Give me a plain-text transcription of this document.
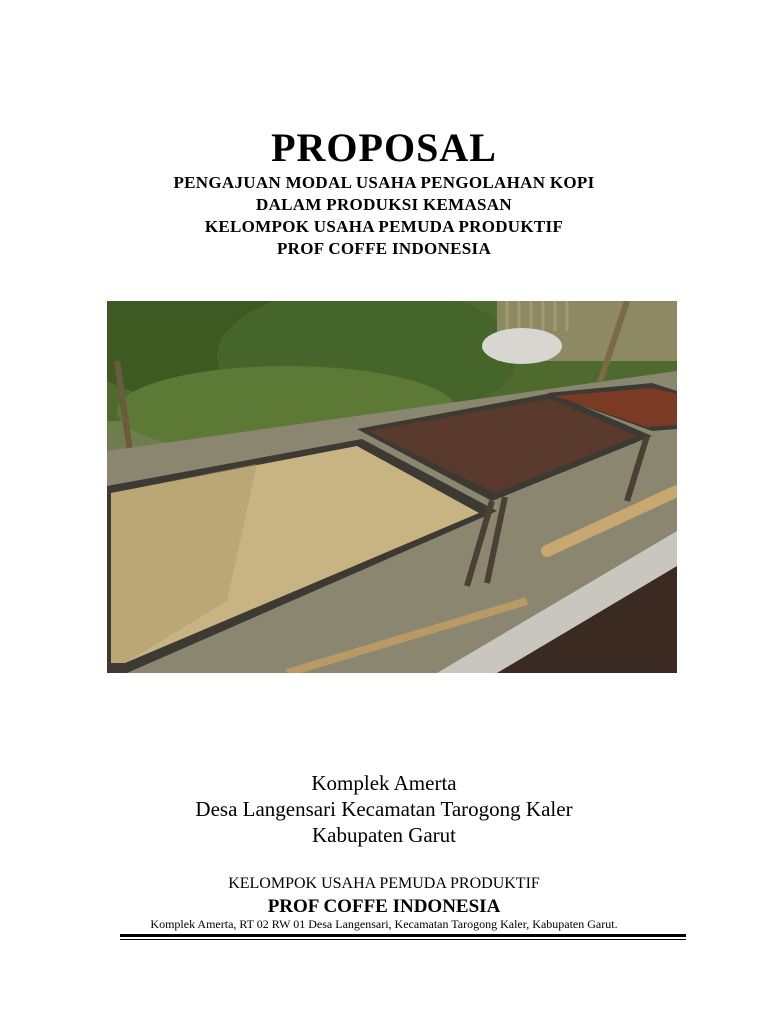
PROPOSAL
PENGAJUAN MODAL USAHA PENGOLAHAN KOPI
DALAM PRODUKSI KEMASAN
KELOMPOK USAHA PEMUDA PRODUKTIF
PROF COFFE INDONESIA
Komplek Amerta
Desa Langensari Kecamatan Tarogong Kaler
Kabupaten Garut
KELOMPOK USAHA PEMUDA PRODUKTIF
PROF COFFE INDONESIA
Komplek Amerta, RT 02 RW 01 Desa Langensari, Kecamatan Tarogong Kaler, Kabupaten Garut.
